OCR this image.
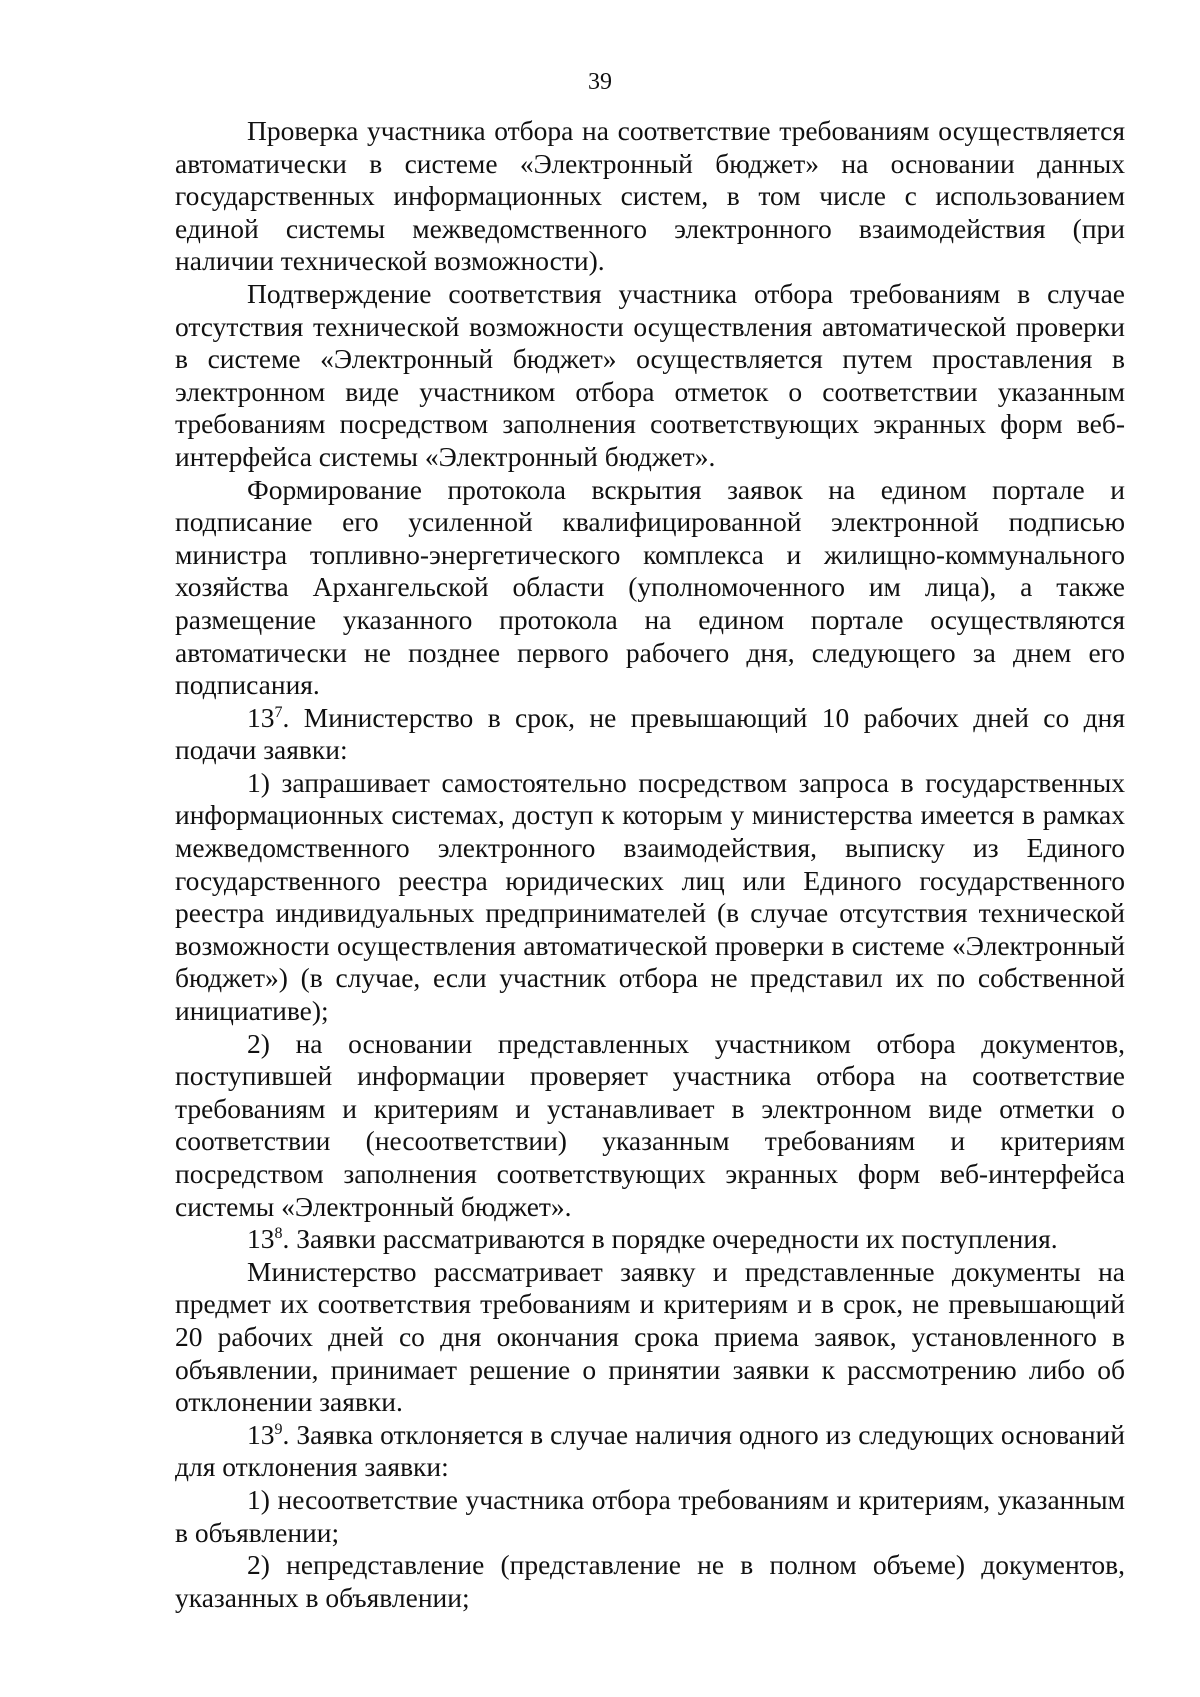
39

Проверка участника отбора на соответствие требованиям осуществляется автоматически в системе «Электронный бюджет» на основании данных государственных информационных систем, в том числе с использованием единой системы межведомственного электронного взаимодействия (при наличии технической возможности).

Подтверждение соответствия участника отбора требованиям в случае отсутствия технической возможности осуществления автоматической проверки в системе «Электронный бюджет» осуществляется путем проставления в электронном виде участником отбора отметок о соответствии указанным требованиям посредством заполнения соответствующих экранных форм веб-интерфейса системы «Электронный бюджет».

Формирование протокола вскрытия заявок на едином портале и подписание его усиленной квалифицированной электронной подписью министра топливно-энергетического комплекса и жилищно-коммунального хозяйства Архангельской области (уполномоченного им лица), а также размещение указанного протокола на едином портале осуществляются автоматически не позднее первого рабочего дня, следующего за днем его подписания.

$13^7$. Министерство в срок, не превышающий 10 рабочих дней со дня подачи заявки:

1) запрашивает самостоятельно посредством запроса в государственных информационных системах, доступ к которым у министерства имеется в рамках межведомственного электронного взаимодействия, выписку из Единого государственного реестра юридических лиц или Единого государственного реестра индивидуальных предпринимателей (в случае отсутствия технической возможности осуществления автоматической проверки в системе «Электронный бюджет») (в случае, если участник отбора не представил их по собственной инициативе);

2) на основании представленных участником отбора документов, поступившей информации проверяет участника отбора на соответствие требованиям и критериям и устанавливает в электронном виде отметки о соответствии (несоответствии) указанным требованиям и критериям посредством заполнения соответствующих экранных форм веб-интерфейса системы «Электронный бюджет».

$13^8$. Заявки рассматриваются в порядке очередности их поступления.

Министерство рассматривает заявку и представленные документы на предмет их соответствия требованиям и критериям и в срок, не превышающий 20 рабочих дней со дня окончания срока приема заявок, установленного в объявлении, принимает решение о принятии заявки к рассмотрению либо об отклонении заявки.

$13^9$. Заявка отклоняется в случае наличия одного из следующих оснований для отклонения заявки:

1) несоответствие участника отбора требованиям и критериям, указанным в объявлении;

2) непредставление (представление не в полном объеме) документов, указанных в объявлении;
